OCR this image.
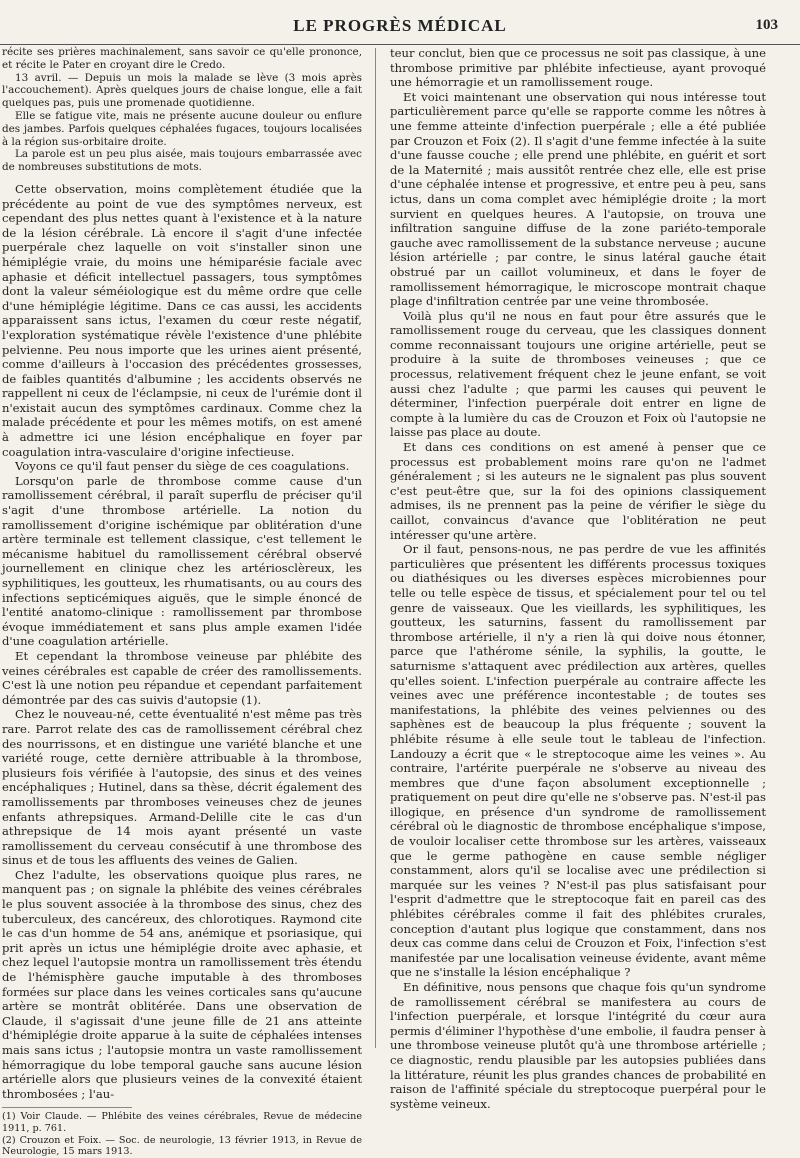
LE PROGRÈS MÉDICAL	103

récite ses prières machinalement, sans savoir ce qu'elle prononce, et récite le Pater en croyant dire le Credo.

13 avril. — Depuis un mois la malade se lève (3 mois après l'accouchement). Après quelques jours de chaise longue, elle a fait quelques pas, puis une promenade quotidienne.

Elle se fatigue vite, mais ne présente aucune douleur ou enflure des jambes. Parfois quelques céphalées fugaces, toujours localisées à la région sus-orbitaire droite.

La parole est un peu plus aisée, mais toujours embarrassée avec de nombreuses substitutions de mots.

Cette observation, moins complètement étudiée que la précédente au point de vue des symptômes nerveux, est cependant des plus nettes quant à l'existence et à la nature de la lésion cérébrale. Là encore il s'agit d'une infectée puerpérale chez laquelle on voit s'installer sinon une hémiplégie vraie, du moins une hémiparésie faciale avec aphasie et déficit intellectuel passagers, tous symptômes dont la valeur séméiologique est du même ordre que celle d'une hémiplégie légitime. Dans ce cas aussi, les accidents apparaissent sans ictus, l'examen du cœur reste négatif, l'exploration systématique révèle l'existence d'une phlébite pelvienne. Peu nous importe que les urines aient présenté, comme d'ailleurs à l'occasion des précédentes grossesses, de faibles quantités d'albumine ; les accidents observés ne rappellent ni ceux de l'éclampsie, ni ceux de l'urémie dont il n'existait aucun des symptômes cardinaux. Comme chez la malade précédente et pour les mêmes motifs, on est amené à admettre ici une lésion encéphalique en foyer par coagulation intra-vasculaire d'origine infectieuse.

Voyons ce qu'il faut penser du siège de ces coagulations.

Lorsqu'on parle de thrombose comme cause d'un ramollissement cérébral, il paraît superflu de préciser qu'il s'agit d'une thrombose artérielle. La notion du ramollissement d'origine ischémique par oblitération d'une artère terminale est tellement classique, c'est tellement le mécanisme habituel du ramollissement cérébral observé journellement en clinique chez les artériosclèreux, les syphilitiques, les goutteux, les rhumatisants, ou au cours des infections septicémiques aiguës, que le simple énoncé de l'entité anatomo-clinique : ramollissement par thrombose évoque immédiatement et sans plus ample examen l'idée d'une coagulation artérielle.

Et cependant la thrombose veineuse par phlébite des veines cérébrales est capable de créer des ramollissements. C'est là une notion peu répandue et cependant parfaitement démontrée par des cas suivis d'autopsie (1).

Chez le nouveau-né, cette éventualité n'est même pas très rare. Parrot relate des cas de ramollissement cérébral chez des nourrissons, et en distingue une variété blanche et une variété rouge, cette dernière attribuable à la thrombose, plusieurs fois vérifiée à l'autopsie, des sinus et des veines encéphaliques ; Hutinel, dans sa thèse, décrit également des ramollissements par thromboses veineuses chez de jeunes enfants athrepsiques. Armand-Delille cite le cas d'un athrepsique de 14 mois ayant présenté un vaste ramollissement du cerveau consécutif à une thrombose des sinus et de tous les affluents des veines de Galien.

Chez l'adulte, les observations quoique plus rares, ne manquent pas ; on signale la phlébite des veines cérébrales le plus souvent associée à la thrombose des sinus, chez des tuberculeux, des cancéreux, des chlorotiques. Raymond cite le cas d'un homme de 54 ans, anémique et psoriasique, qui prit après un ictus une hémiplégie droite avec aphasie, et chez lequel l'autopsie montra un ramollissement très étendu de l'hémisphère gauche imputable à des thromboses formées sur place dans les veines corticales sans qu'aucune artère se montrât oblitérée. Dans une observation de Claude, il s'agissait d'une jeune fille de 21 ans atteinte d'hémiplégie droite apparue à la suite de céphalées intenses mais sans ictus ; l'autopsie montra un vaste ramollissement hémorragique du lobe temporal gauche sans aucune lésion artérielle alors que plusieurs veines de la convexité étaient thrombosées ; l'au-

(1) Voir Claude. — Phlébite des veines cérébrales, Revue de médecine 1911, p. 761.

(2) Crouzon et Foix. — Soc. de neurologie, 13 février 1913, in Revue de Neurologie, 15 mars 1913.

teur conclut, bien que ce processus ne soit pas classique, à une thrombose primitive par phlébite infectieuse, ayant provoqué une hémorragie et un ramollissement rouge.

Et voici maintenant une observation qui nous intéresse tout particulièrement parce qu'elle se rapporte comme les nôtres à une femme atteinte d'infection puerpérale ; elle a été publiée par Crouzon et Foix (2). Il s'agit d'une femme infectée à la suite d'une fausse couche ; elle prend une phlébite, en guérit et sort de la Maternité ; mais aussitôt rentrée chez elle, elle est prise d'une céphalée intense et progressive, et entre peu à peu, sans ictus, dans un coma complet avec hémiplégie droite ; la mort survient en quelques heures. A l'autopsie, on trouva une infiltration sanguine diffuse de la zone pariéto-temporale gauche avec ramollissement de la substance nerveuse ; aucune lésion artérielle ; par contre, le sinus latéral gauche était obstrué par un caillot volumineux, et dans le foyer de ramollissement hémorragique, le microscope montrait chaque plage d'infiltration centrée par une veine thrombosée.

Voilà plus qu'il ne nous en faut pour être assurés que le ramollissement rouge du cerveau, que les classiques donnent comme reconnaissant toujours une origine artérielle, peut se produire à la suite de thromboses veineuses ; que ce processus, relativement fréquent chez le jeune enfant, se voit aussi chez l'adulte ; que parmi les causes qui peuvent le déterminer, l'infection puerpérale doit entrer en ligne de compte à la lumière du cas de Crouzon et Foix où l'autopsie ne laisse pas place au doute.

Et dans ces conditions on est amené à penser que ce processus est probablement moins rare qu'on ne l'admet généralement ; si les auteurs ne le signalent pas plus souvent c'est peut-être que, sur la foi des opinions classiquement admises, ils ne prennent pas la peine de vérifier le siège du caillot, convaincus d'avance que l'oblitération ne peut intéresser qu'une artère.

Or il faut, pensons-nous, ne pas perdre de vue les affinités particulières que présentent les différents processus toxiques ou diathésiques ou les diverses espèces microbiennes pour telle ou telle espèce de tissus, et spécialement pour tel ou tel genre de vaisseaux. Que les vieillards, les syphilitiques, les goutteux, les saturnins, fassent du ramollissement par thrombose artérielle, il n'y a rien là qui doive nous étonner, parce que l'athérome sénile, la syphilis, la goutte, le saturnisme s'attaquent avec prédilection aux artères, quelles qu'elles soient. L'infection puerpérale au contraire affecte les veines avec une préférence incontestable ; de toutes ses manifestations, la phlébite des veines pelviennes ou des saphènes est de beaucoup la plus fréquente ; souvent la phlébite résume à elle seule tout le tableau de l'infection. Landouzy a écrit que « le streptocoque aime les veines ». Au contraire, l'artérite puerpérale ne s'observe au niveau des membres que d'une façon absolument exceptionnelle ; pratiquement on peut dire qu'elle ne s'observe pas. N'est-il pas illogique, en présence d'un syndrome de ramollissement cérébral où le diagnostic de thrombose encéphalique s'impose, de vouloir localiser cette thrombose sur les artères, vaisseaux que le germe pathogène en cause semble négliger constamment, alors qu'il se localise avec une prédilection si marquée sur les veines ? N'est-il pas plus satisfaisant pour l'esprit d'admettre que le streptocoque fait en pareil cas des phlébites cérébrales comme il fait des phlébites crurales, conception d'autant plus logique que constamment, dans nos deux cas comme dans celui de Crouzon et Foix, l'infection s'est manifestée par une localisation veineuse évidente, avant même que ne s'installe la lésion encéphalique ?

En définitive, nous pensons que chaque fois qu'un syndrome de ramollissement cérébral se manifestera au cours de l'infection puerpérale, et lorsque l'intégrité du cœur aura permis d'éliminer l'hypothèse d'une embolie, il faudra penser à une thrombose veineuse plutôt qu'à une thrombose artérielle ; ce diagnostic, rendu plausible par les autopsies publiées dans la littérature, réunit les plus grandes chances de probabilité en raison de l'affinité spéciale du streptocoque puerpéral pour le système veineux.
